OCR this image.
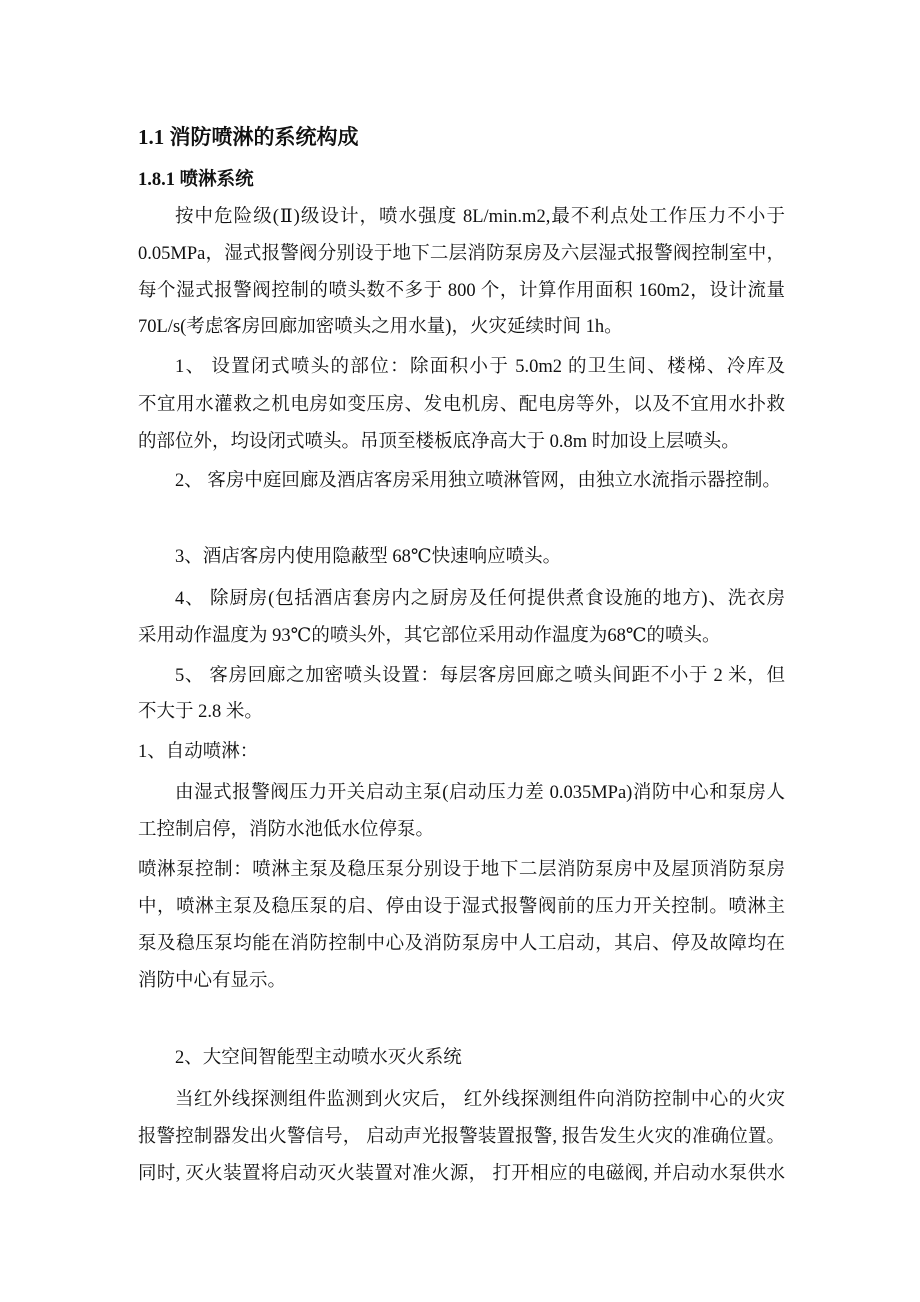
1.1 消防喷淋的系统构成
1.8.1 喷淋系统
按中危险级(Ⅱ)级设计，喷水强度 8L/min.m2,最不利点处工作压力不小于
0.05MPa，湿式报警阀分别设于地下二层消防泵房及六层湿式报警阀控制室中，
每个湿式报警阀控制的喷头数不多于 800 个，计算作用面积 160m2，设计流量
70L/s(考虑客房回廊加密喷头之用水量)，火灾延续时间 1h。
1、 设置闭式喷头的部位：除面积小于 5.0m2 的卫生间、楼梯、冷库及
不宜用水灌救之机电房如变压房、发电机房、配电房等外，以及不宜用水扑救
的部位外，均设闭式喷头。吊顶至楼板底净高大于 0.8m 时加设上层喷头。
2、 客房中庭回廊及酒店客房采用独立喷淋管网，由独立水流指示器控制。
3、酒店客房内使用隐蔽型 68℃快速响应喷头。
4、 除厨房(包括酒店套房内之厨房及任何提供煮食设施的地方)、洗衣房
采用动作温度为 93℃的喷头外，其它部位采用动作温度为68℃的喷头。
5、 客房回廊之加密喷头设置：每层客房回廊之喷头间距不小于 2 米，但
不大于 2.8 米。
1、自动喷淋：
由湿式报警阀压力开关启动主泵(启动压力差 0.035MPa)消防中心和泵房人
工控制启停，消防水池低水位停泵。
喷淋泵控制：喷淋主泵及稳压泵分别设于地下二层消防泵房中及屋顶消防泵房
中，喷淋主泵及稳压泵的启、停由设于湿式报警阀前的压力开关控制。喷淋主
泵及稳压泵均能在消防控制中心及消防泵房中人工启动，其启、停及故障均在
消防中心有显示。
2、大空间智能型主动喷水灭火系统
当红外线探测组件监测到火灾后， 红外线探测组件向消防控制中心的火灾
报警控制器发出火警信号， 启动声光报警装置报警, 报告发生火灾的准确位置。
同时, 灭火装置将启动灭火装置对准火源， 打开相应的电磁阀, 并启动水泵供水
